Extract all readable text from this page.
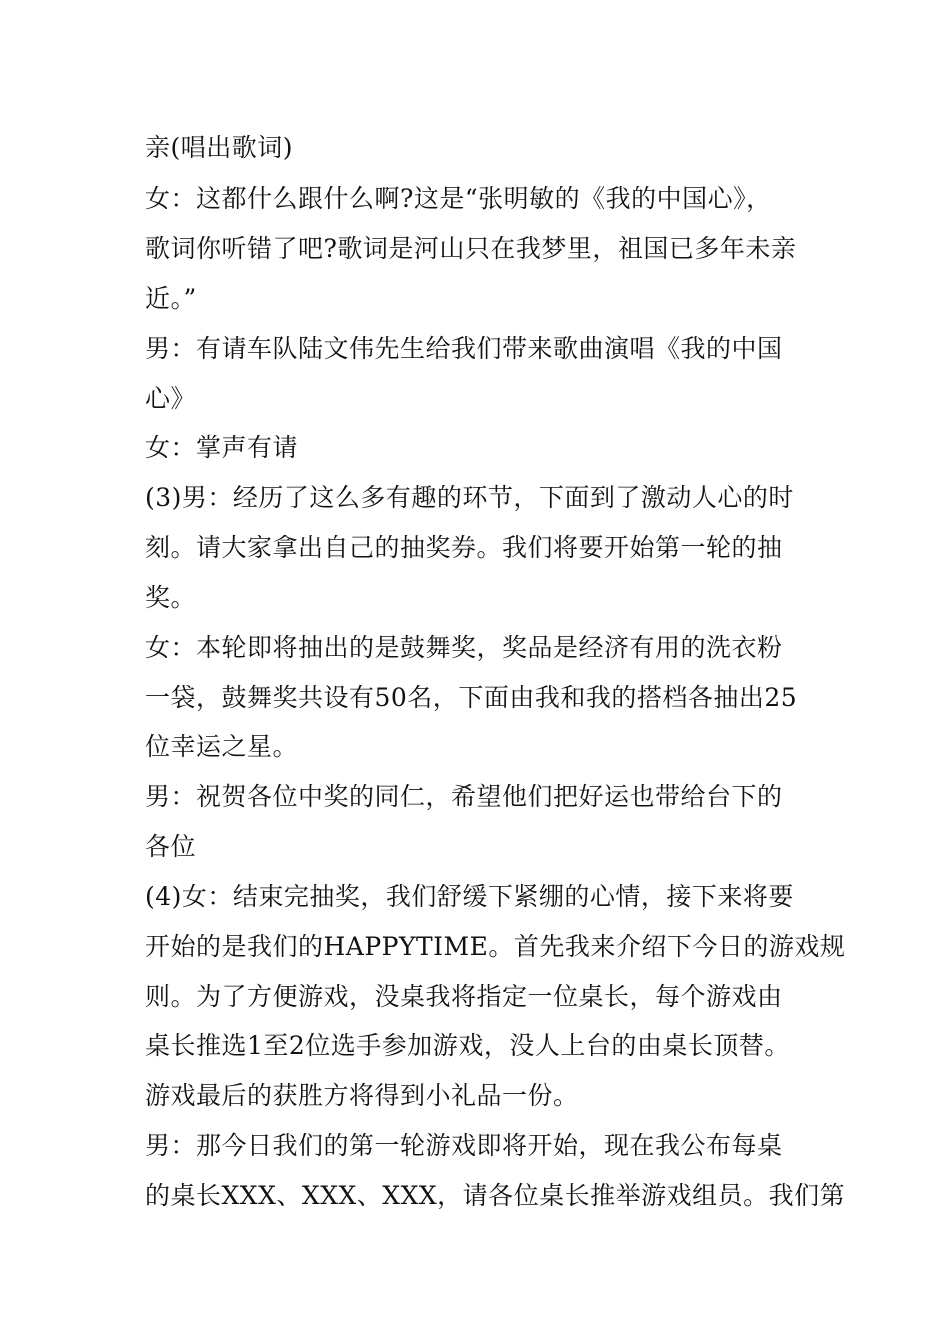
亲(唱出歌词)
女：这都什么跟什么啊?这是“张明敏的《我的中国心》，
歌词你听错了吧?歌词是河山只在我梦里，祖国已多年未亲
近。”
男：有请车队陆文伟先生给我们带来歌曲演唱《我的中国
心》
女：掌声有请
(3)男：经历了这么多有趣的环节，下面到了激动人心的时
刻。请大家拿出自己的抽奖券。我们将要开始第一轮的抽
奖。
女：本轮即将抽出的是鼓舞奖，奖品是经济有用的洗衣粉
一袋，鼓舞奖共设有50名，下面由我和我的搭档各抽出25
位幸运之星。
男：祝贺各位中奖的同仁，希望他们把好运也带给台下的
各位
(4)女：结束完抽奖，我们舒缓下紧绷的心情，接下来将要
开始的是我们的HAPPYTIME。首先我来介绍下今日的游戏规
则。为了方便游戏，没桌我将指定一位桌长，每个游戏由
桌长推选1至2位选手参加游戏，没人上台的由桌长顶替。
游戏最后的获胜方将得到小礼品一份。
男：那今日我们的第一轮游戏即将开始，现在我公布每桌
的桌长XXX、XXX、XXX，请各位桌长推举游戏组员。我们第
